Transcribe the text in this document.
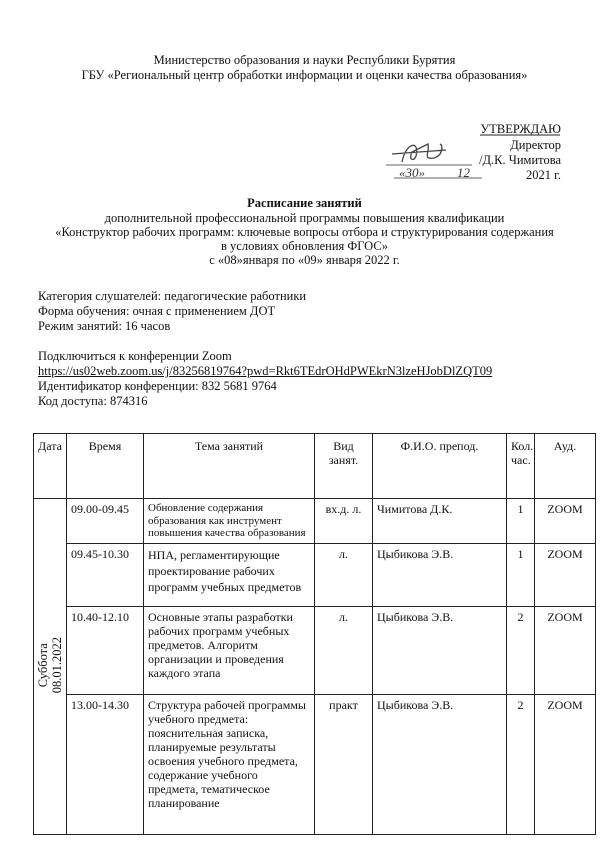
Министерство образования и науки Республики Бурятия
ГБУ «Региональный центр обработки информации и оценки качества образования»
УТВЕРЖДАЮ
Директор
/Д.К. Чимитова
2021 г.
«30» 12
Расписание занятий
дополнительной профессиональной программы повышения квалификации
«Конструктор рабочих программ: ключевые вопросы отбора и структурирования содержания
в условиях обновления ФГОС»
с «08»января по «09» января 2022 г.
Категория слушателей: педагогические работники
Форма обучения: очная с применением ДОТ
Режим занятий: 16 часов
Подключиться к конференции Zoom
https://us02web.zoom.us/j/83256819764?pwd=Rkt6TEdrOHdPWEkrN3lzeHJobDlZQT09
Идентификатор конференции: 832 5681 9764
Код доступа: 874316
Дата	Время	Тема занятий	Вид занят.	Ф.И.О. препод.	Кол. час.	Ауд.
Суббота
08.01.2022	09.00-09.45	Обновление содержания образования как инструмент повышения качества образования	вх.д. л.	Чимитова Д.К.	1	ZOOM
	09.45-10.30	НПА, регламентирующие проектирование рабочих программ учебных предметов	л.	Цыбикова Э.В.	1	ZOOM
	10.40-12.10	Основные этапы разработки рабочих программ учебных предметов. Алгоритм организации и проведения каждого этапа	л.	Цыбикова Э.В.	2	ZOOM
	13.00-14.30	Структура рабочей программы учебного предмета: пояснительная записка, планируемые результаты освоения учебного предмета, содержание учебного предмета, тематическое планирование	практ	Цыбикова Э.В.	2	ZOOM
